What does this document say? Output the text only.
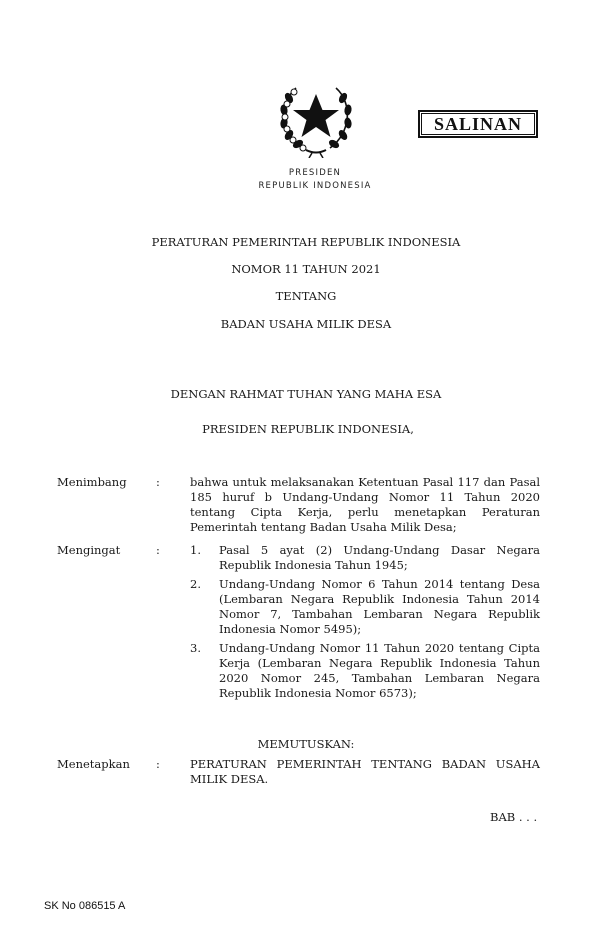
SALINAN
PRESIDEN
REPUBLIK INDONESIA
PERATURAN PEMERINTAH REPUBLIK INDONESIA
NOMOR 11 TAHUN 2021
TENTANG
BADAN USAHA MILIK DESA
DENGAN RAHMAT TUHAN YANG MAHA ESA
PRESIDEN REPUBLIK INDONESIA,
Menimbang	:	bahwa untuk melaksanakan Ketentuan Pasal 117 dan Pasal 185 huruf b Undang-Undang Nomor 11 Tahun 2020 tentang Cipta Kerja, perlu menetapkan Peraturan Pemerintah tentang Badan Usaha Milik Desa;

Mengingat	:	1. Pasal 5 ayat (2) Undang-Undang Dasar Negara Republik Indonesia Tahun 1945;

2. Undang-Undang Nomor 6 Tahun 2014 tentang Desa (Lembaran Negara Republik Indonesia Tahun 2014 Nomor 7, Tambahan Lembaran Negara Republik Indonesia Nomor 5495);

3. Undang-Undang Nomor 11 Tahun 2020 tentang Cipta Kerja (Lembaran Negara Republik Indonesia Tahun 2020 Nomor 245, Tambahan Lembaran Negara Republik Indonesia Nomor 6573);

MEMUTUSKAN:
Menetapkan :	PERATURAN PEMERINTAH TENTANG BADAN USAHA MILIK DESA.

BAB . . .
SK No 086515 A
